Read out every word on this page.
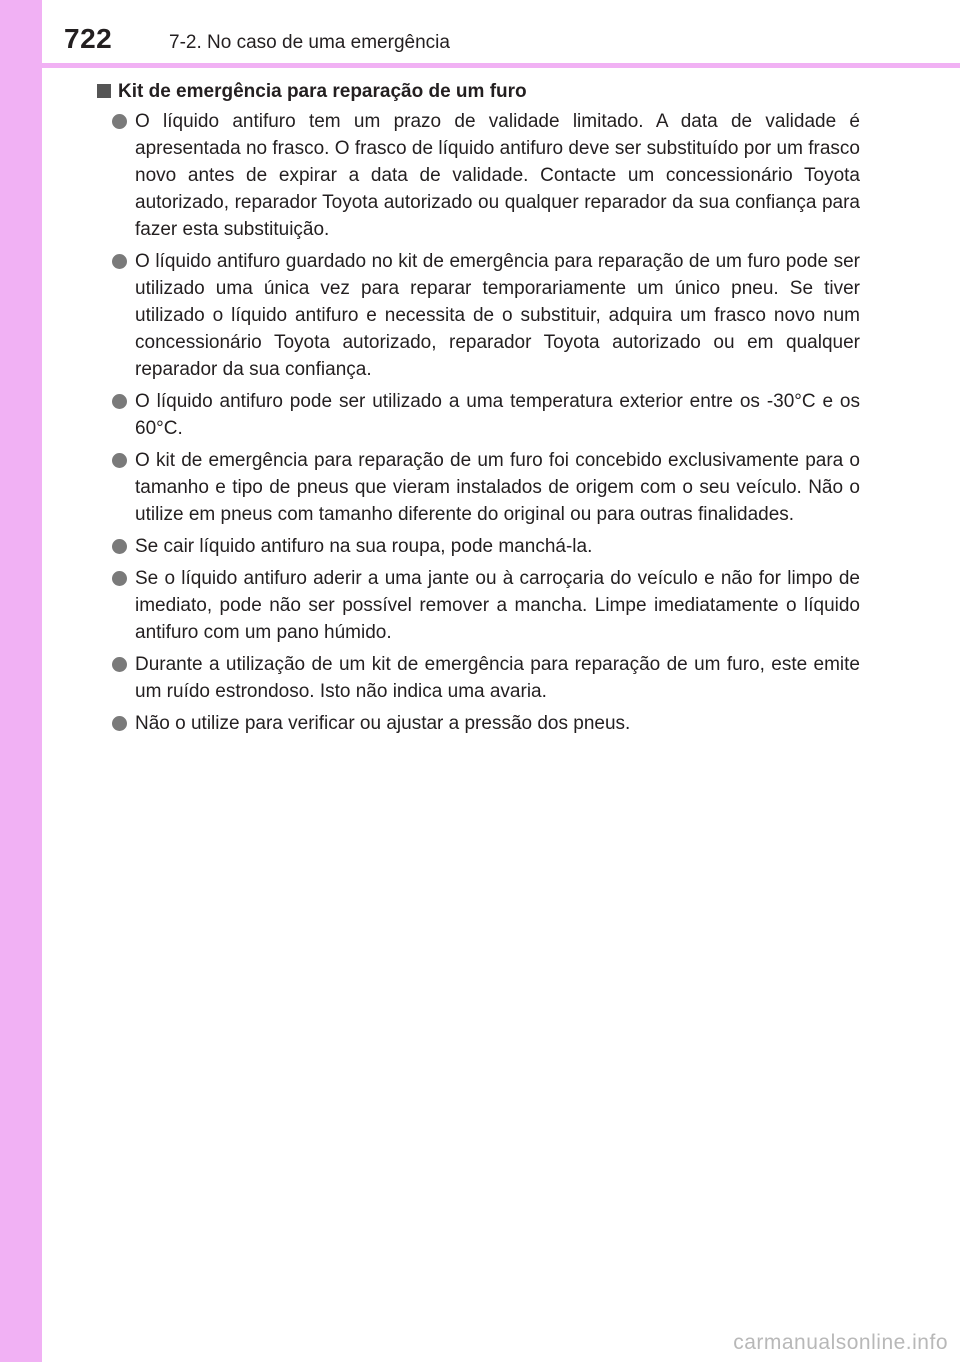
722	7-2. No caso de uma emergência
Kit de emergência para reparação de um furo
O líquido antifuro tem um prazo de validade limitado. A data de validade é apresentada no frasco. O frasco de líquido antifuro deve ser substituído por um frasco novo antes de expirar a data de validade. Contacte um concessionário Toyota autorizado, reparador Toyota autorizado ou qualquer reparador da sua confiança para fazer esta substituição.
O líquido antifuro guardado no kit de emergência para reparação de um furo pode ser utilizado uma única vez para reparar temporariamente um único pneu. Se tiver utilizado o líquido antifuro e necessita de o substituir, adquira um frasco novo num concessionário Toyota autorizado, reparador Toyota autorizado ou em qualquer reparador da sua confiança.
O líquido antifuro pode ser utilizado a uma temperatura exterior entre os -30°C e os 60°C.
O kit de emergência para reparação de um furo foi concebido exclusivamente para o tamanho e tipo de pneus que vieram instalados de origem com o seu veículo. Não o utilize em pneus com tamanho diferente do original ou para outras finalidades.
Se cair líquido antifuro na sua roupa, pode manchá-la.
Se o líquido antifuro aderir a uma jante ou à carroçaria do veículo e não for limpo de imediato, pode não ser possível remover a mancha. Limpe imediatamente o líquido antifuro com um pano húmido.
Durante a utilização de um kit de emergência para reparação de um furo, este emite um ruído estrondoso. Isto não indica uma avaria.
Não o utilize para verificar ou ajustar a pressão dos pneus.
carmanualsonline.info
